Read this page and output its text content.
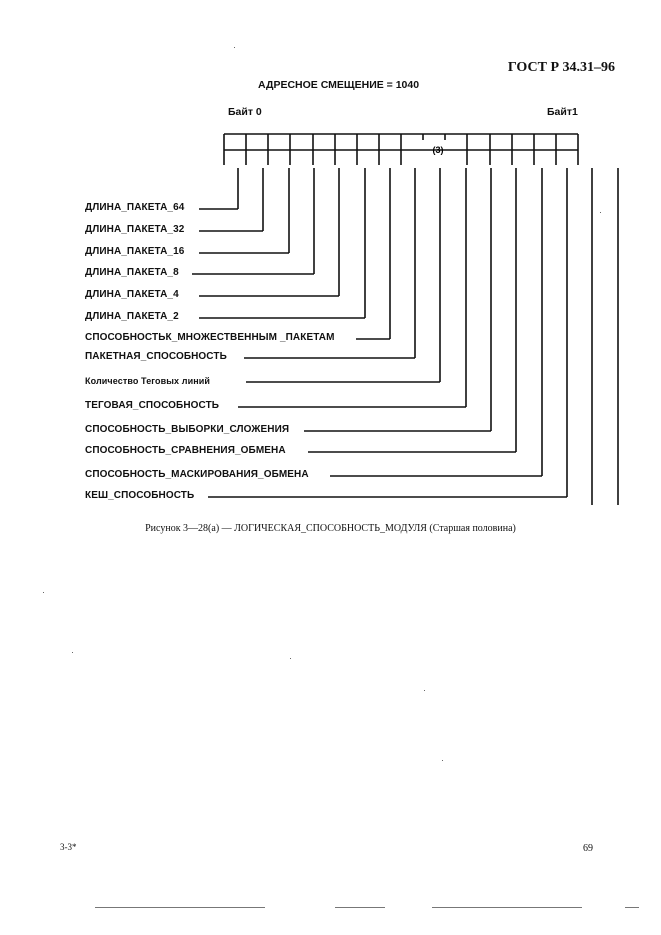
ГОСТ Р 34.31–96
АДРЕСНОЕ СМЕЩЕНИЕ = 1040
Байт 0	Байт1
(3)
ДЛИНА_ПАКЕТА_64
ДЛИНА_ПАКЕТА_32
ДЛИНА_ПАКЕТА_16
ДЛИНА_ПАКЕТА_8
ДЛИНА_ПАКЕТА_4
ДЛИНА_ПАКЕТА_2
СПОСОБНОСТЬК_МНОЖЕСТВЕННЫМ _ПАКЕТАМ
ПАКЕТНАЯ_СПОСОБНОСТЬ
Количество Теговых линий
ТЕГОВАЯ_СПОСОБНОСТЬ
СПОСОБНОСТЬ_ВЫБОРКИ_СЛОЖЕНИЯ
СПОСОБНОСТЬ_СРАВНЕНИЯ_ОБМЕНА
СПОСОБНОСТЬ_МАСКИРОВАНИЯ_ОБМЕНА
КЕШ_СПОСОБНОСТЬ
Рисунок 3—28(а) — ЛОГИЧЕСКАЯ_СПОСОБНОСТЬ_МОДУЛЯ (Старшая половина)
3-3*	69
